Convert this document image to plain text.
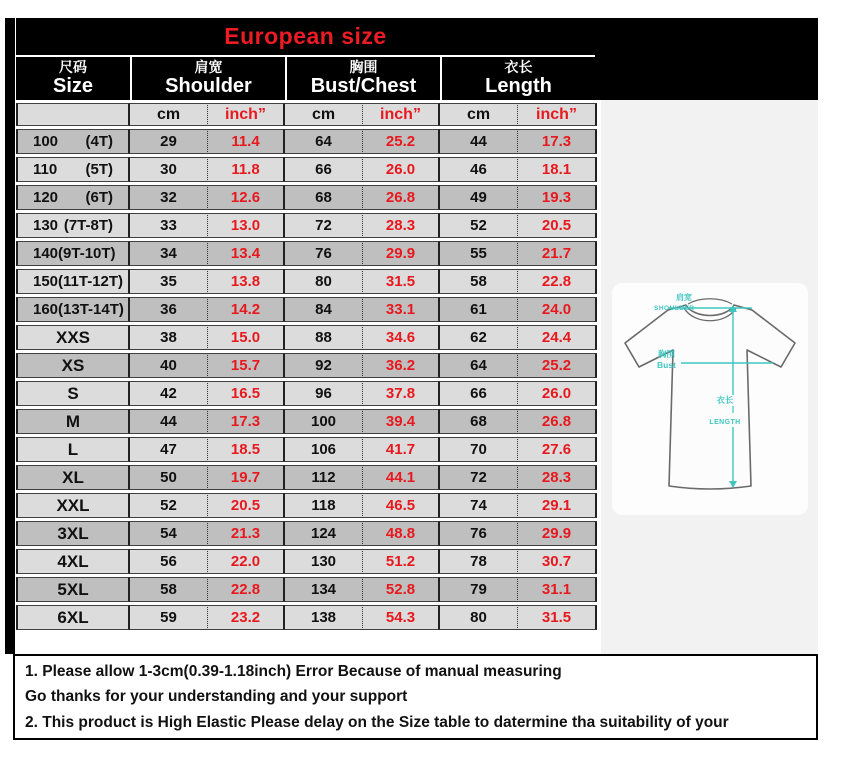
European size
尺码
Size
肩宽
Shoulder
胸围
Bust/Chest
衣长
Length
	cm	inch”	cm	inch”	cm	inch”

100 (4T)	29	11.4	64	25.2	44	17.3

110 (5T)	30	11.8	66	26.0	46	18.1

120 (6T)	32	12.6	68	26.8	49	19.3

130 (7T-8T)	33	13.0	72	28.3	52	20.5

140 (9T-10T)	34	13.4	76	29.9	55	21.7

150 (11T-12T)	35	13.8	80	31.5	58	22.8

160 (13T-14T)	36	14.2	84	33.1	61	24.0
XXS	38	15.0	88	34.6	62	24.4
XS	40	15.7	92	36.2	64	25.2
S	42	16.5	96	37.8	66	26.0
M	44	17.3	100	39.4	68	26.8
L	47	18.5	106	41.7	70	27.6
XL	50	19.7	112	44.1	72	28.3
XXL	52	20.5	118	46.5	74	29.1
3XL	54	21.3	124	48.8	76	29.9
4XL	56	22.0	130	51.2	78	30.7
5XL	58	22.8	134	52.8	79	31.1
6XL	59	23.2	138	54.3	80	31.5
肩宽
SHOULDER
胸围
Bust
衣长
LENGTH

1. Please allow 1-3cm(0.39-1.18inch) Error Because of manual measuring

Go thanks for your understanding and your support

2. This product is High Elastic Please delay on the Size table to datermine tha suitability of your
